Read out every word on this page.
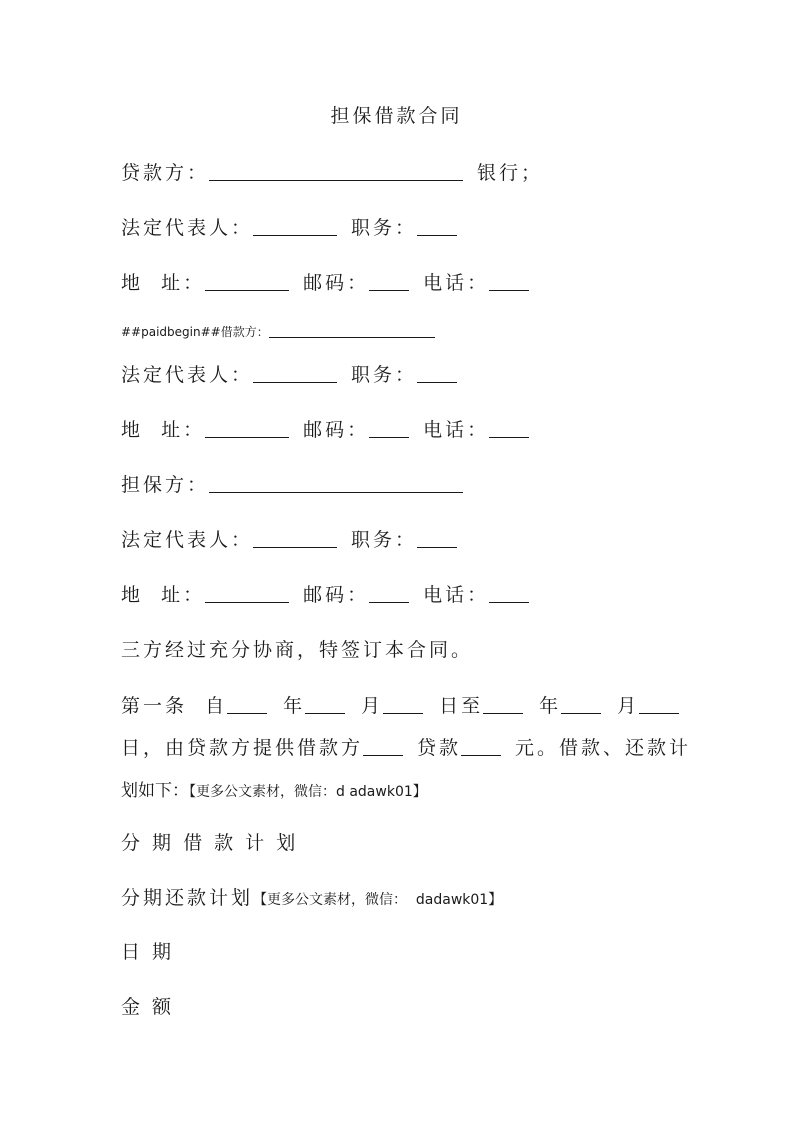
担保借款合同
贷款方：	银行；
法定代表人：	职务：
地  址：	邮码：	电话：
##paidbegin##借款方：
法定代表人：	职务：
地  址：	邮码：	电话：
担保方：
法定代表人：	职务：
地  址：	邮码：	电话：
三方经过充分协商，特签订本合同。
第一条  自	年	月	日至	年	月
日，由贷款方提供借款方	贷款	元。借款、还款计
划如下：【更多公文素材，微信：d adawk01】
分 期 借 款 计 划
分期还款计划【更多公文素材，微信：  dadawk01】
日 期
金 额
